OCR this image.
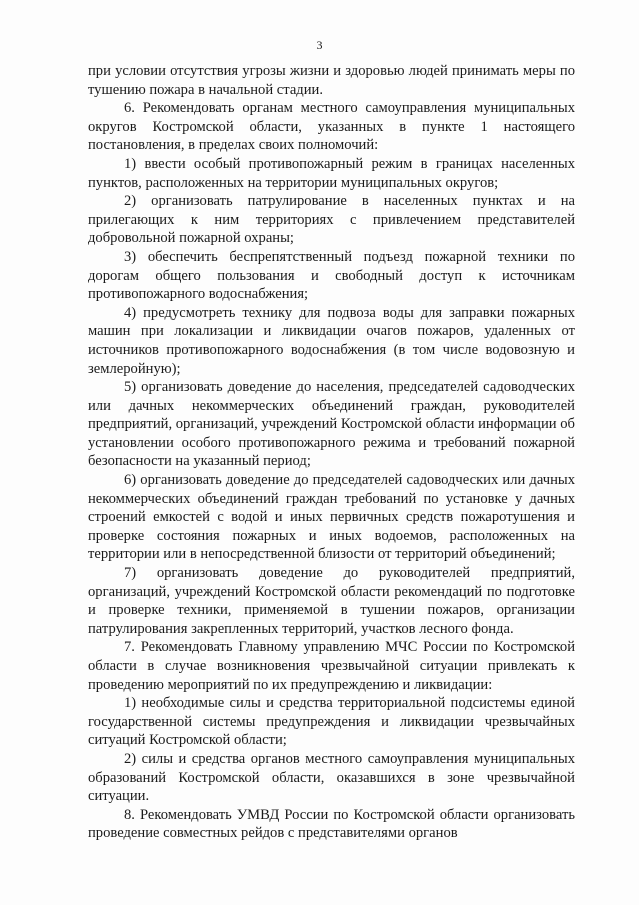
3

при условии отсутствия угрозы жизни и здоровью людей принимать меры по тушению пожара в начальной стадии.

6. Рекомендовать органам местного самоуправления муниципальных округов Костромской области, указанных в пункте 1 настоящего постановления, в пределах своих полномочий:

1) ввести особый противопожарный режим в границах населенных пунктов, расположенных на территории муниципальных округов;

2) организовать патрулирование в населенных пунктах и на прилегающих к ним территориях с привлечением представителей добровольной пожарной охраны;

3) обеспечить беспрепятственный подъезд пожарной техники по дорогам общего пользования и свободный доступ к источникам противопожарного водоснабжения;

4) предусмотреть технику для подвоза воды для заправки пожарных машин при локализации и ликвидации очагов пожаров, удаленных от источников противопожарного водоснабжения (в том числе водовозную и землеройную);

5) организовать доведение до населения, председателей садоводческих или дачных некоммерческих объединений граждан, руководителей предприятий, организаций, учреждений Костромской области информации об установлении особого противопожарного режима и требований пожарной безопасности на указанный период;

6) организовать доведение до председателей садоводческих или дачных некоммерческих объединений граждан требований по установке у дачных строений емкостей с водой и иных первичных средств пожаротушения и проверке состояния пожарных и иных водоемов, расположенных на территории или в непосредственной близости от территорий объединений;

7) организовать доведение до руководителей предприятий, организаций, учреждений Костромской области рекомендаций по подготовке и проверке техники, применяемой в тушении пожаров, организации патрулирования закрепленных территорий, участков лесного фонда.

7. Рекомендовать Главному управлению МЧС России по Костромской области в случае возникновения чрезвычайной ситуации привлекать к проведению мероприятий по их предупреждению и ликвидации:

1) необходимые силы и средства территориальной подсистемы единой государственной системы предупреждения и ликвидации чрезвычайных ситуаций Костромской области;

2) силы и средства органов местного самоуправления муниципальных образований Костромской области, оказавшихся в зоне чрезвычайной ситуации.

8. Рекомендовать УМВД России по Костромской области организовать проведение совместных рейдов с представителями органов
